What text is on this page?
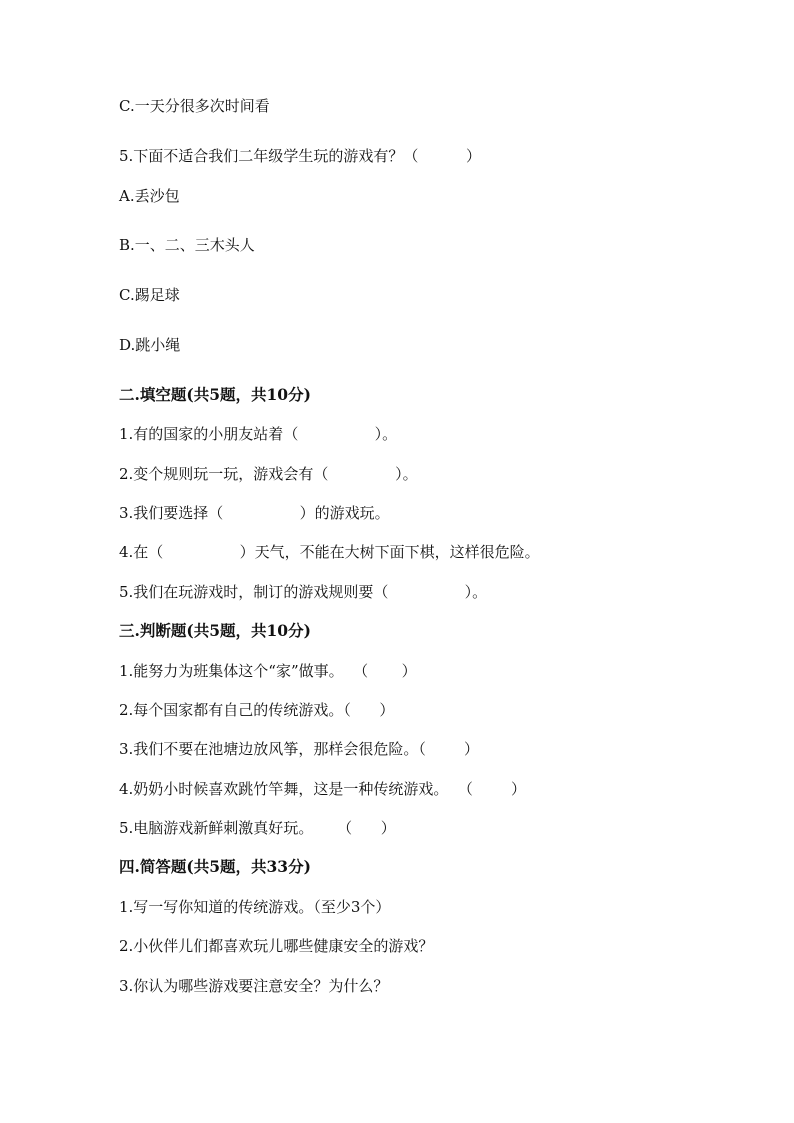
C.一天分很多次时间看
5.下面不适合我们二年级学生玩的游戏有？（          ）
A.丢沙包
B.一、二、三木头人
C.踢足球
D.跳小绳
二.填空题(共5题，共10分)
1.有的国家的小朋友站着（                ）。
2.变个规则玩一玩，游戏会有（              ）。
3.我们要选择（                ）的游戏玩。
4.在（                ）天气，不能在大树下面下棋，这样很危险。
5.我们在玩游戏时，制订的游戏规则要（                ）。
三.判断题(共5题，共10分)
1.能努力为班集体这个“家”做事。  （       ）
2.每个国家都有自己的传统游戏。（      ）
3.我们不要在池塘边放风筝，那样会很危险。（        ）
4.奶奶小时候喜欢跳竹竿舞，这是一种传统游戏。  （        ）
5.电脑游戏新鲜刺激真好玩。     （      ）
四.简答题(共5题，共33分)
1.写一写你知道的传统游戏。（至少3个）
2.小伙伴儿们都喜欢玩儿哪些健康安全的游戏？
3.你认为哪些游戏要注意安全？为什么？
